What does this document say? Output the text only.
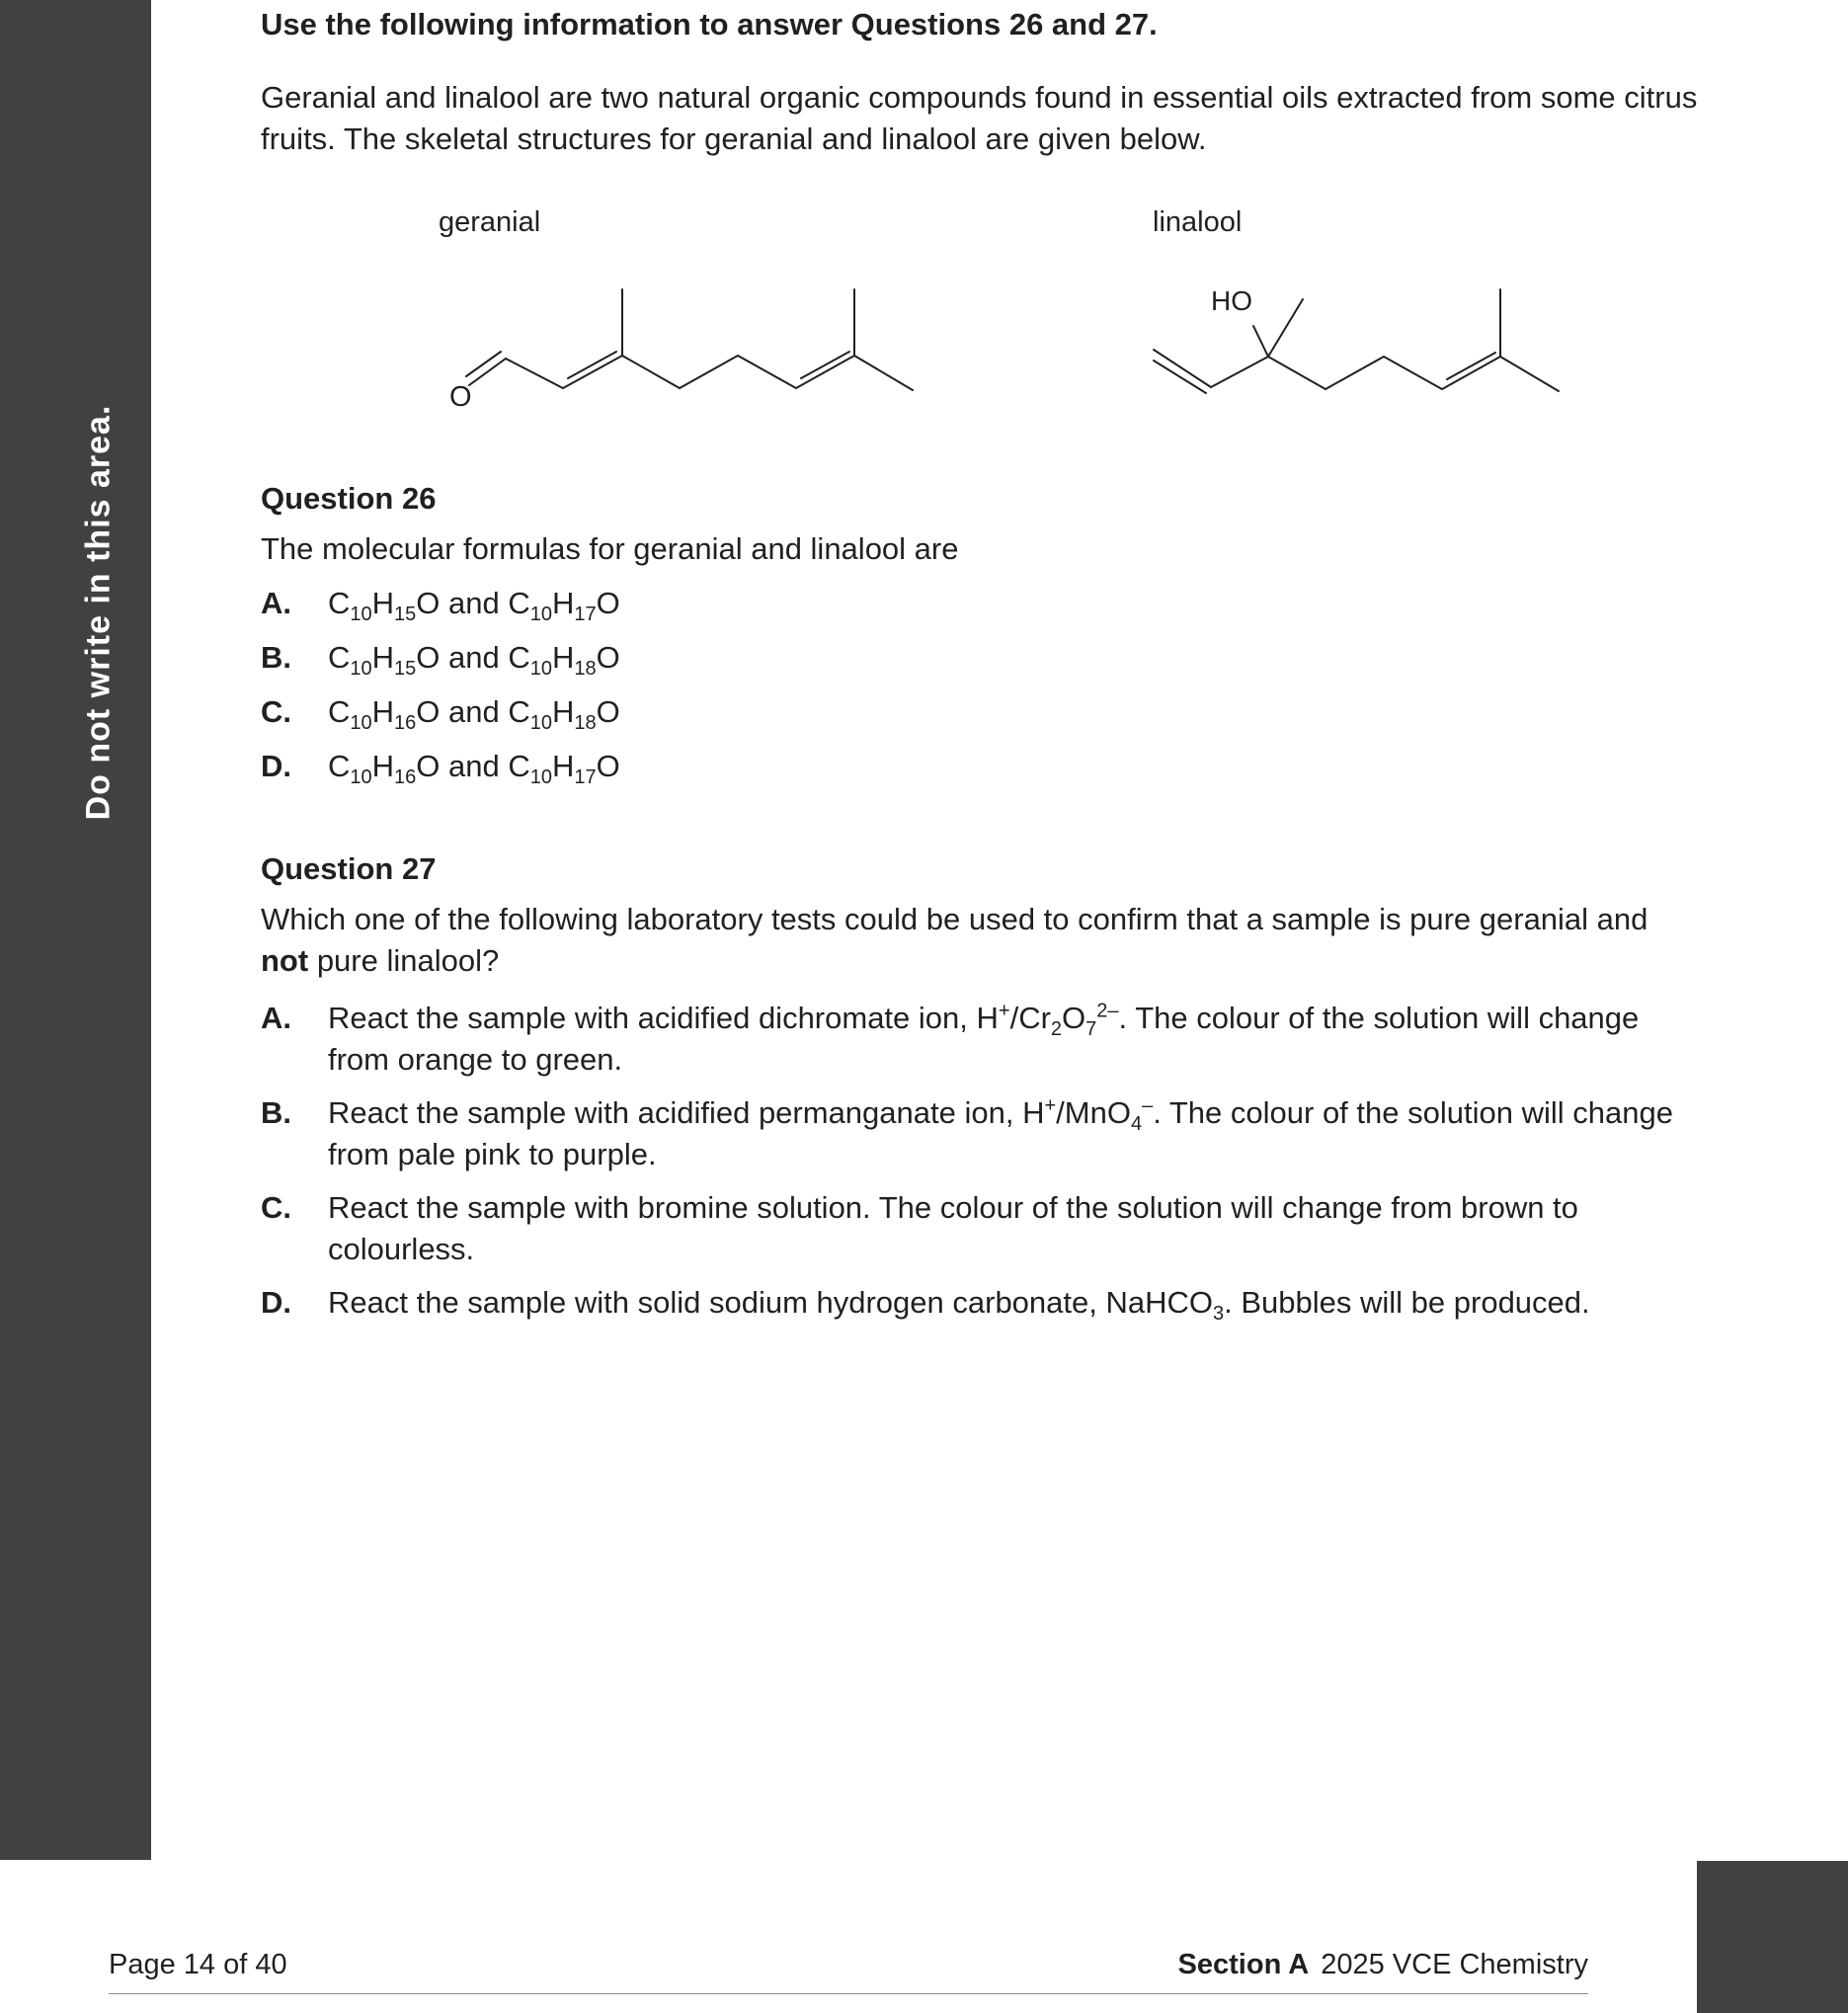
Do not write in this area.
Use the following information to answer Questions 26 and 27.
Geranial and linalool are two natural organic compounds found in essential oils extracted from some citrus fruits. The skeletal structures for geranial and linalool are given below.
geranial	linalool
O
HO
Question 26
The molecular formulas for geranial and linalool are
A. $C_{10}H_{15}O$ and $C_{10}H_{17}O$
B. $C_{10}H_{15}O$ and $C_{10}H_{18}O$
C. $C_{10}H_{16}O$ and $C_{10}H_{18}O$
D. $C_{10}H_{16}O$ and $C_{10}H_{17}O$
Question 27
Which one of the following laboratory tests could be used to confirm that a sample is pure geranial and not pure linalool?
A. React the sample with acidified dichromate ion, $H^+/Cr_2O_7^{2-}$. The colour of the solution will change from orange to green.
B. React the sample with acidified permanganate ion, H+/MnO$_4$–. The colour of the solution will change from pale pink to purple.
C. React the sample with bromine solution. The colour of the solution will change from brown to colourless.
D. React the sample with solid sodium hydrogen carbonate, NaHCO$_3$. Bubbles will be produced.
Page 14 of 40	Section A 2025 VCE Chemistry
